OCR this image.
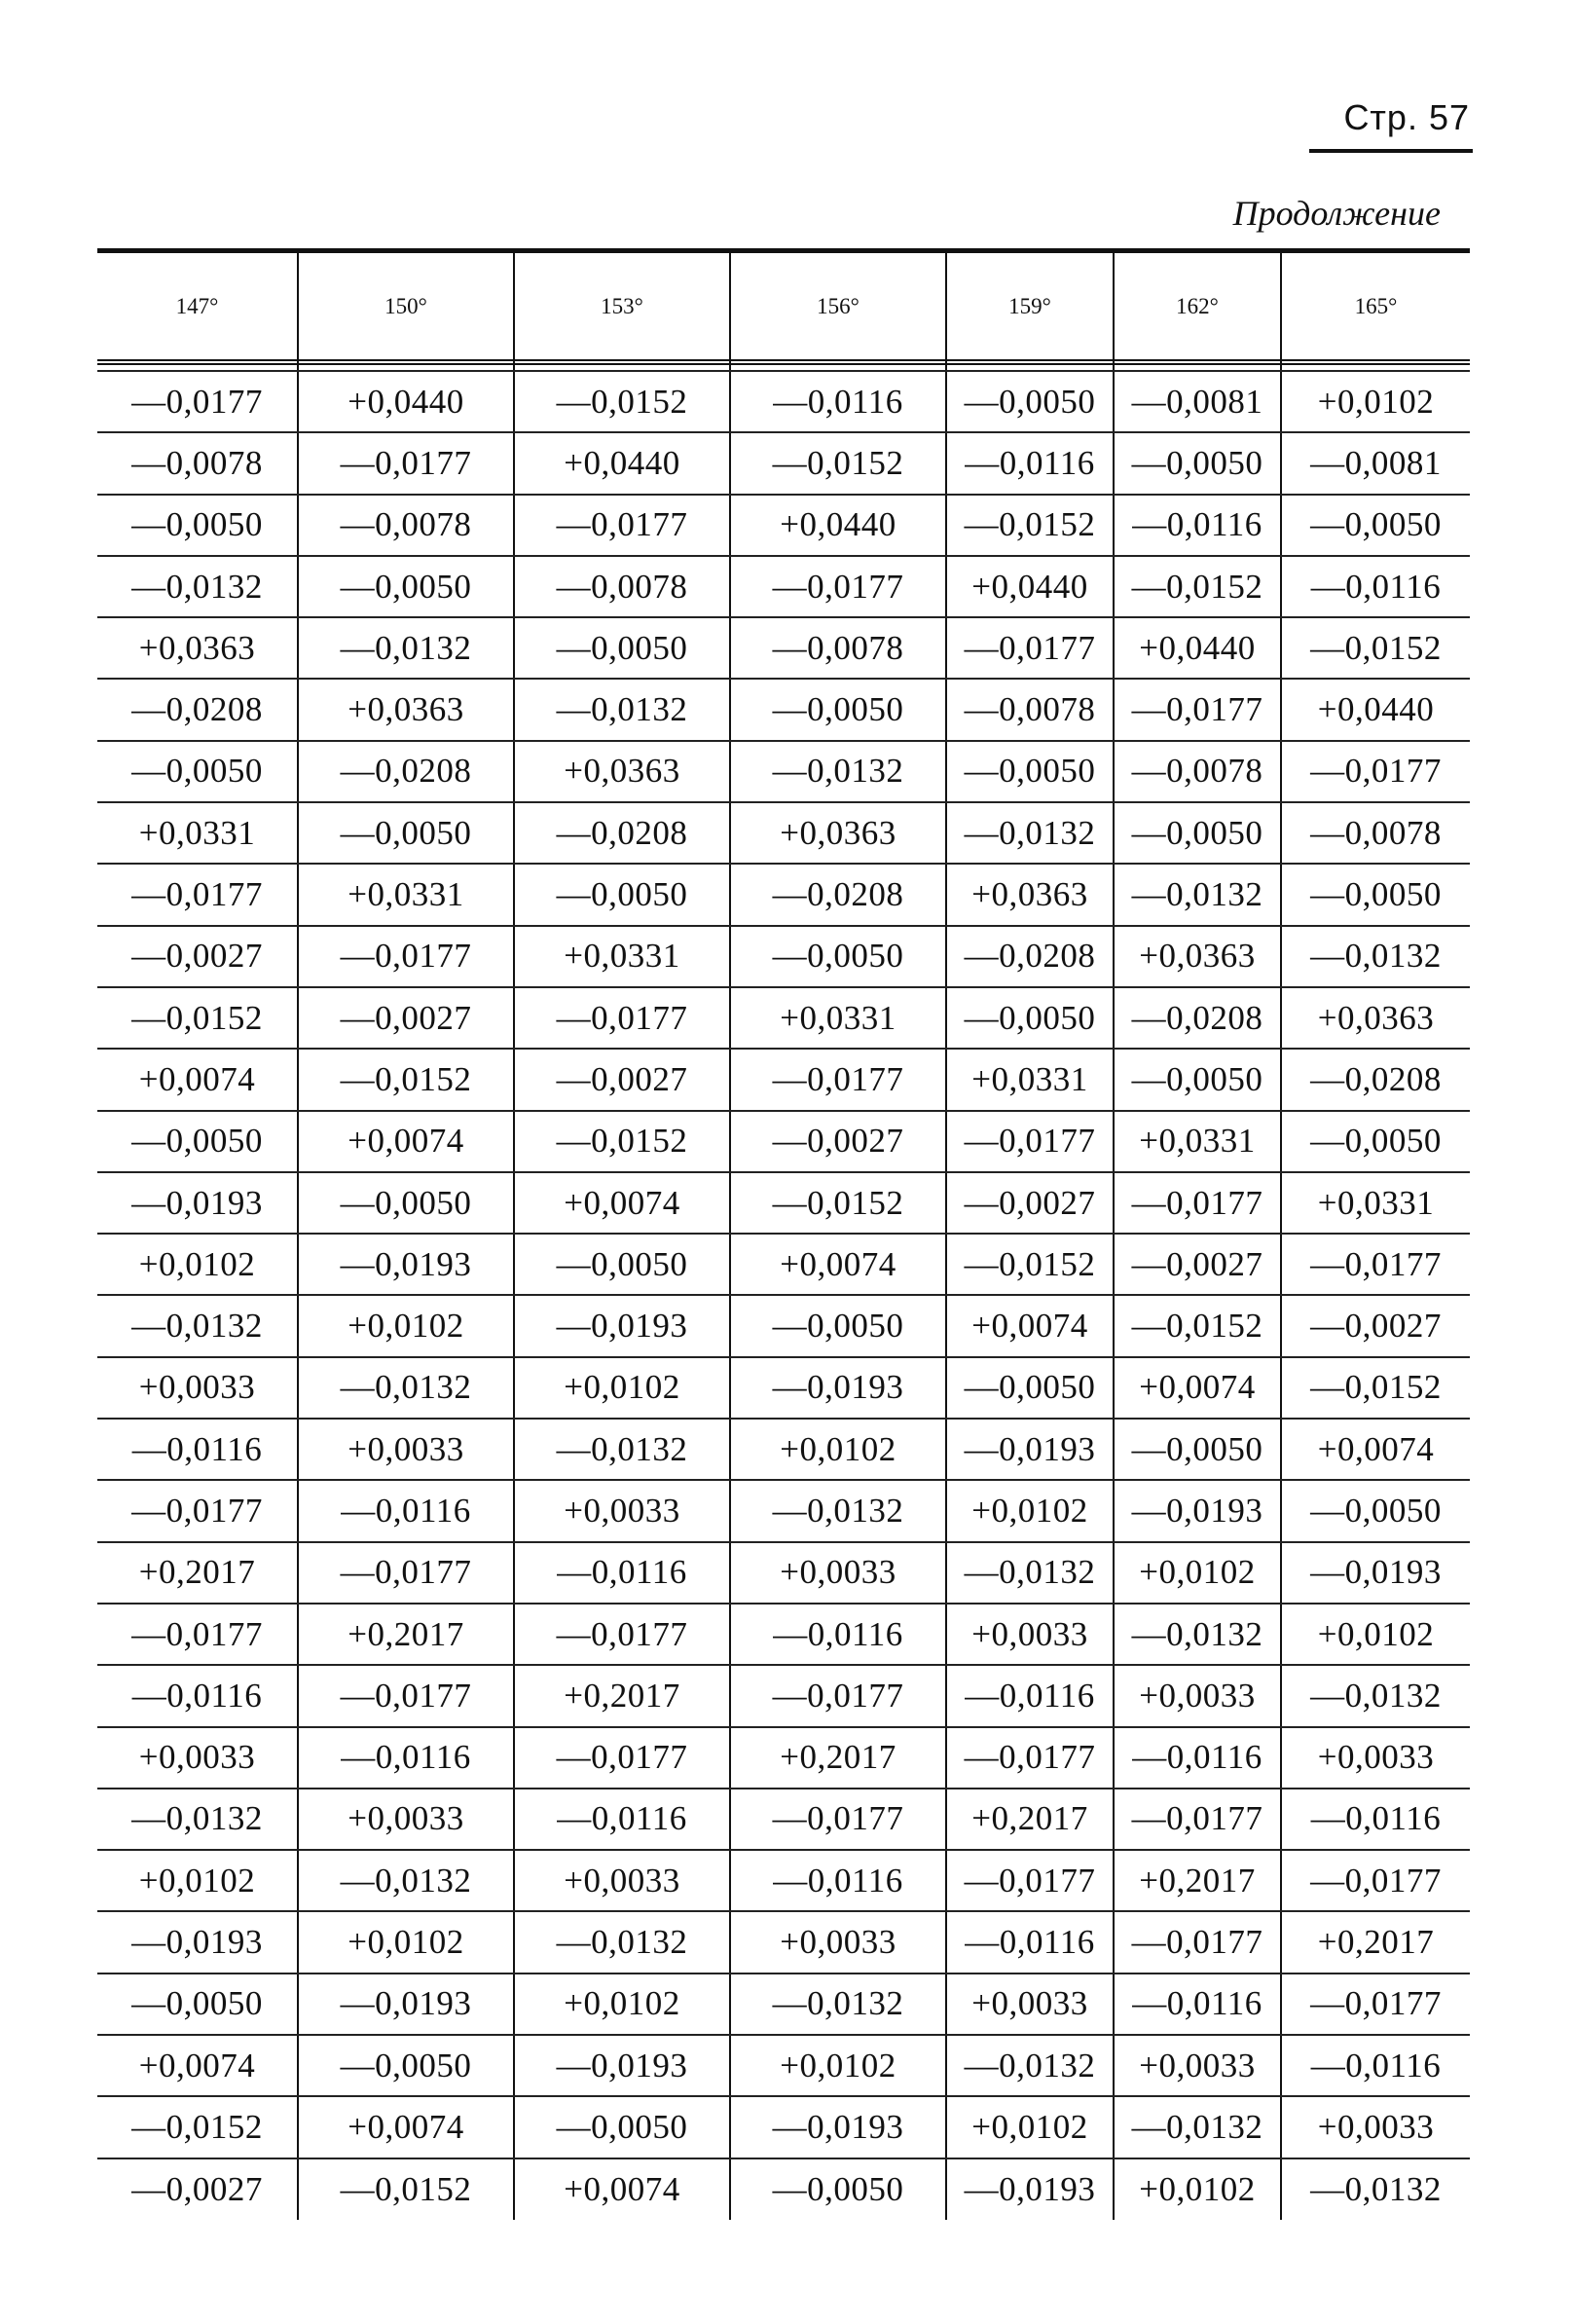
Стр. 57
Продолжение
147°	150°	153°	156°	159°	162°	165°

—0,0177	+0,0440	—0,0152	—0,0116	—0,0050	—0,0081	+0,0102

—0,0078	—0,0177	+0,0440	—0,0152	—0,0116	—0,0050	—0,0081

—0,0050	—0,0078	—0,0177	+0,0440	—0,0152	—0,0116	—0,0050

—0,0132	—0,0050	—0,0078	—0,0177	+0,0440	—0,0152	—0,0116

+0,0363	—0,0132	—0,0050	—0,0078	—0,0177	+0,0440	—0,0152

—0,0208	+0,0363	—0,0132	—0,0050	—0,0078	—0,0177	+0,0440

—0,0050	—0,0208	+0,0363	—0,0132	—0,0050	—0,0078	—0,0177

+0,0331	—0,0050	—0,0208	+0,0363	—0,0132	—0,0050	—0,0078

—0,0177	+0,0331	—0,0050	—0,0208	+0,0363	—0,0132	—0,0050

—0,0027	—0,0177	+0,0331	—0,0050	—0,0208	+0,0363	—0,0132

—0,0152	—0,0027	—0,0177	+0,0331	—0,0050	—0,0208	+0,0363

+0,0074	—0,0152	—0,0027	—0,0177	+0,0331	—0,0050	—0,0208

—0,0050	+0,0074	—0,0152	—0,0027	—0,0177	+0,0331	—0,0050

—0,0193	—0,0050	+0,0074	—0,0152	—0,0027	—0,0177	+0,0331

+0,0102	—0,0193	—0,0050	+0,0074	—0,0152	—0,0027	—0,0177

—0,0132	+0,0102	—0,0193	—0,0050	+0,0074	—0,0152	—0,0027

+0,0033	—0,0132	+0,0102	—0,0193	—0,0050	+0,0074	—0,0152

—0,0116	+0,0033	—0,0132	+0,0102	—0,0193	—0,0050	+0,0074

—0,0177	—0,0116	+0,0033	—0,0132	+0,0102	—0,0193	—0,0050

+0,2017	—0,0177	—0,0116	+0,0033	—0,0132	+0,0102	—0,0193

—0,0177	+0,2017	—0,0177	—0,0116	+0,0033	—0,0132	+0,0102

—0,0116	—0,0177	+0,2017	—0,0177	—0,0116	+0,0033	—0,0132

+0,0033	—0,0116	—0,0177	+0,2017	—0,0177	—0,0116	+0,0033

—0,0132	+0,0033	—0,0116	—0,0177	+0,2017	—0,0177	—0,0116

+0,0102	—0,0132	+0,0033	—0,0116	—0,0177	+0,2017	—0,0177

—0,0193	+0,0102	—0,0132	+0,0033	—0,0116	—0,0177	+0,2017

—0,0050	—0,0193	+0,0102	—0,0132	+0,0033	—0,0116	—0,0177

+0,0074	—0,0050	—0,0193	+0,0102	—0,0132	+0,0033	—0,0116

—0,0152	+0,0074	—0,0050	—0,0193	+0,0102	—0,0132	+0,0033

—0,0027	—0,0152	+0,0074	—0,0050	—0,0193	+0,0102	—0,0132
